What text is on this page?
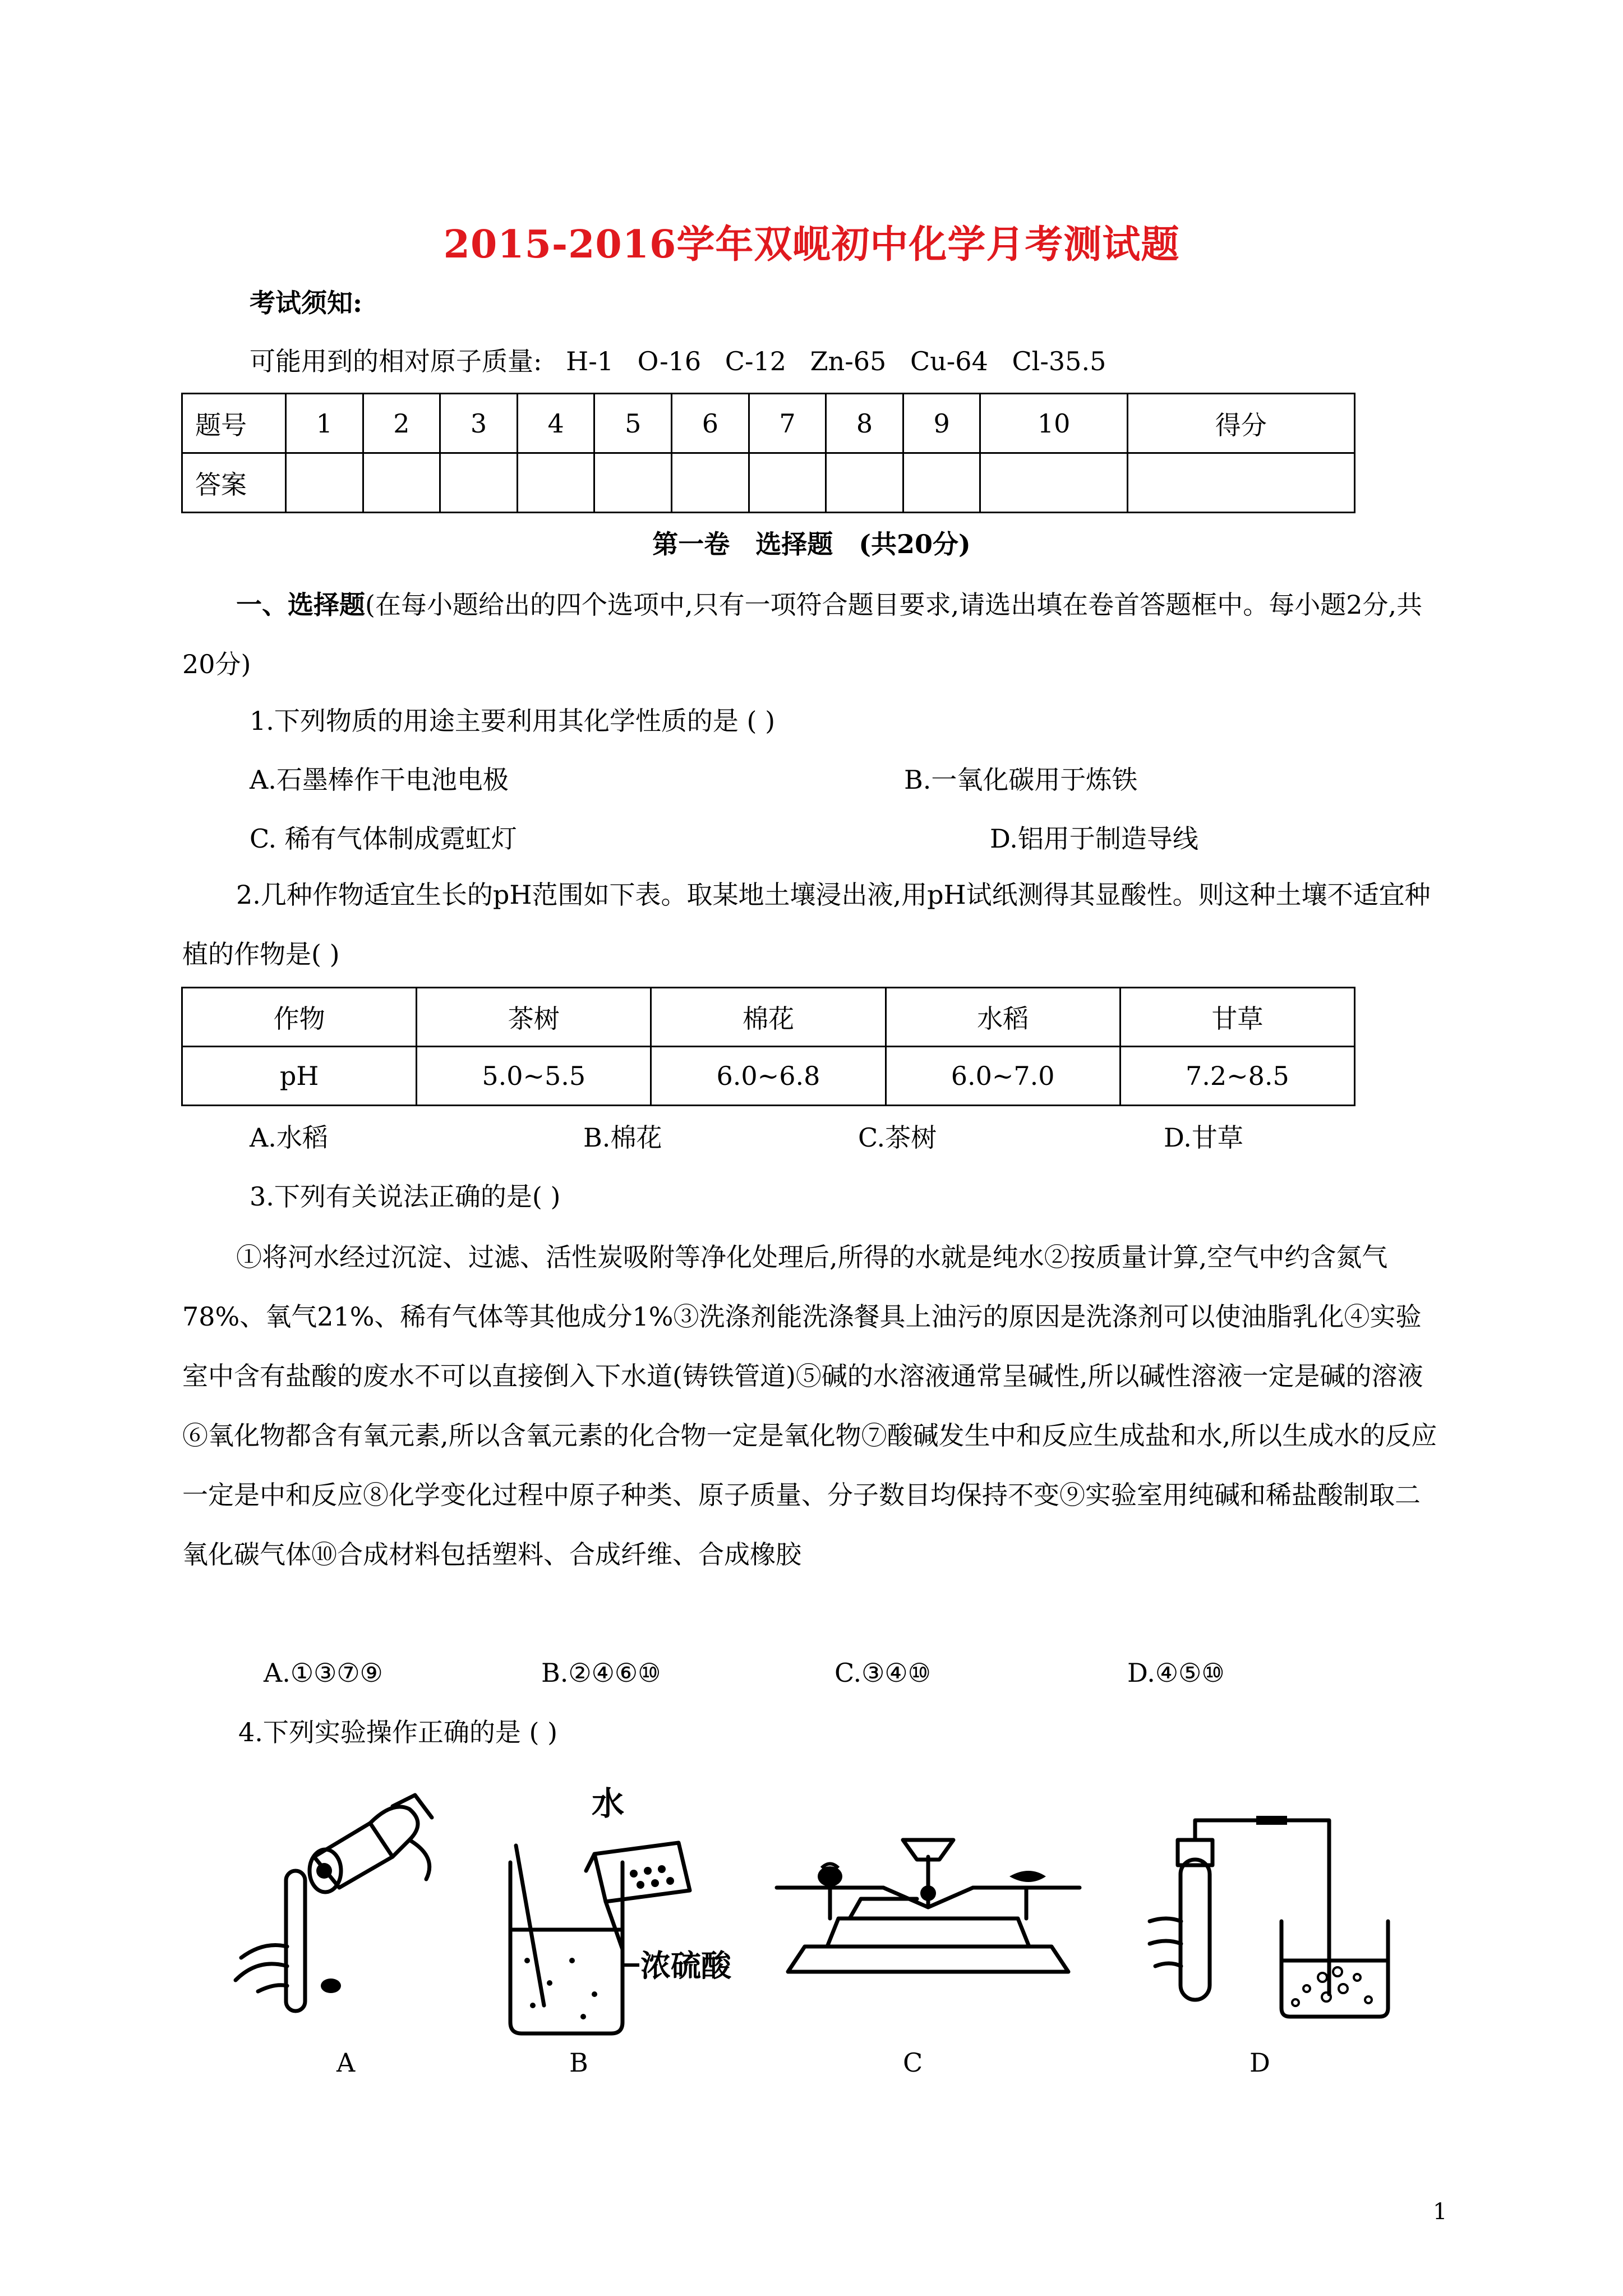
2015-2016学年双岘初中化学月考测试题
考试须知:
可能用到的相对原子质量: H-1 O-16 C-12 Zn-65 Cu-64 Cl-35.5
题号	1	2	3	4	5	6	7	8	9	10	得分
答案											
第一卷 选择题 (共20分)
一、选择题(在每小题给出的四个选项中,只有一项符合题目要求,请选出填在卷首答题框中。每小题2分,共20分)
1.下列物质的用途主要利用其化学性质的是 ( )
A.石墨棒作干电池电极	B.一氧化碳用于炼铁
C. 稀有气体制成霓虹灯	D.铝用于制造导线
2.几种作物适宜生长的pH范围如下表。取某地土壤浸出液,用pH试纸测得其显酸性。则这种土壤不适宜种植的作物是( )
作物	茶树	棉花	水稻	甘草
pH	5.0~5.5	6.0~6.8	6.0~7.0	7.2~8.5
A.水稻	B.棉花	C.茶树	D.甘草
3.下列有关说法正确的是( )
①将河水经过沉淀、过滤、活性炭吸附等净化处理后,所得的水就是纯水②按质量计算,空气中约含氮气78%、氧气21%、稀有气体等其他成分1%③洗涤剂能洗涤餐具上油污的原因是洗涤剂可以使油脂乳化④实验室中含有盐酸的废水不可以直接倒入下水道(铸铁管道)⑤碱的水溶液通常呈碱性,所以碱性溶液一定是碱的溶液⑥氧化物都含有氧元素,所以含氧元素的化合物一定是氧化物⑦酸碱发生中和反应生成盐和水,所以生成水的反应一定是中和反应⑧化学变化过程中原子种类、原子质量、分子数目均保持不变⑨实验室用纯碱和稀盐酸制取二氧化碳气体⑩合成材料包括塑料、合成纤维、合成橡胶
A.①③⑦⑨	B.②④⑥⑩	C.③④⑩	D.④⑤⑩
4.下列实验操作正确的是 ( )
水
浓硫酸
A	B	C	D
1
